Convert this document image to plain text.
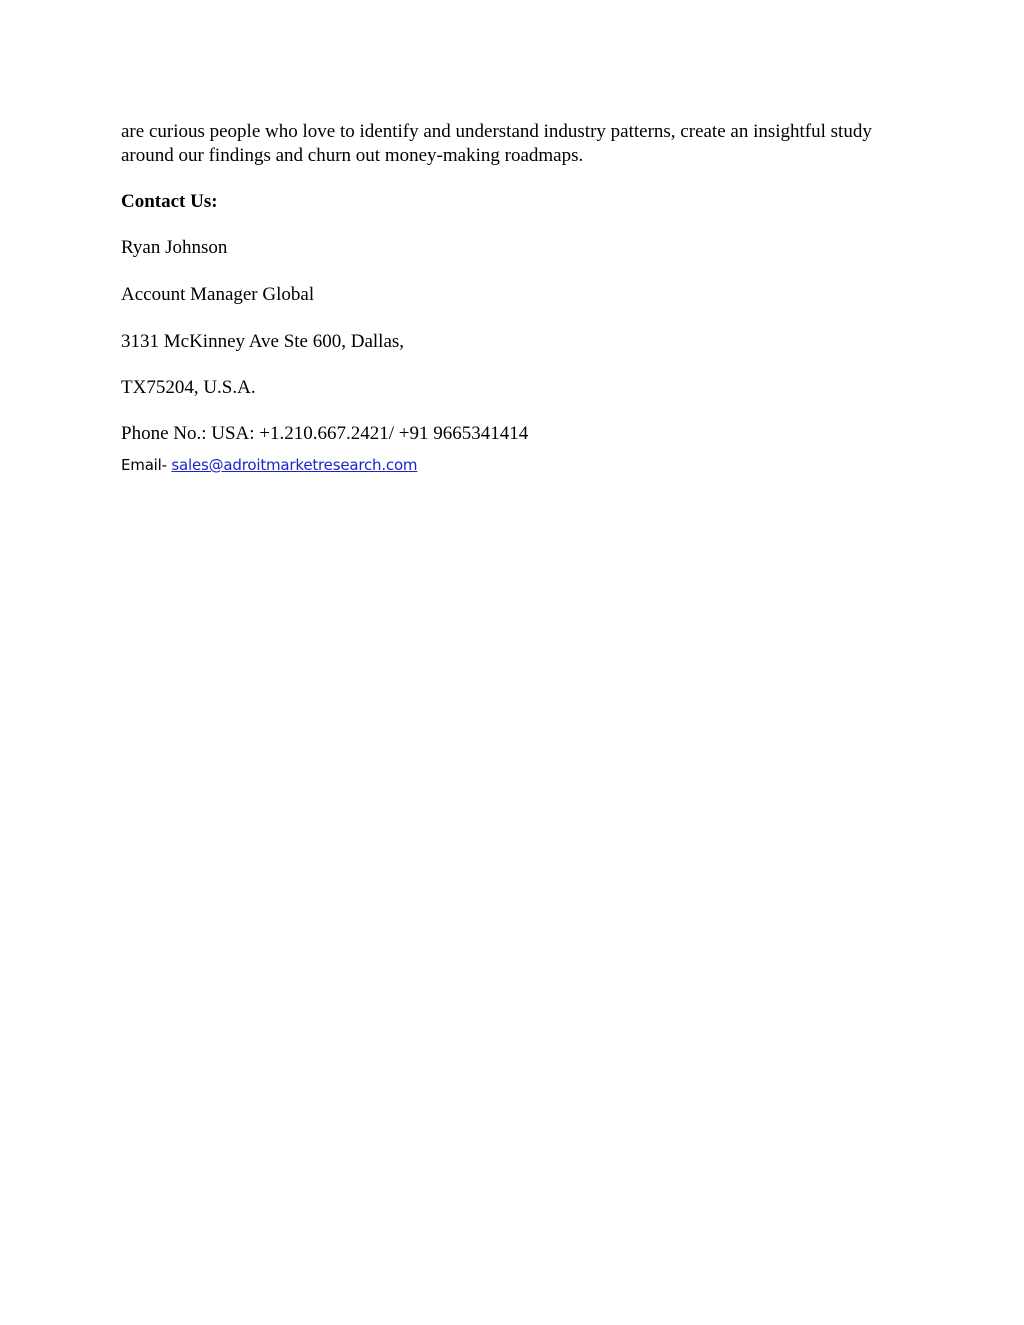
are curious people who love to identify and understand industry patterns, create an insightful study around our findings and churn out money-making roadmaps.

Contact Us:

Ryan Johnson

Account Manager Global

3131 McKinney Ave Ste 600, Dallas,

TX75204, U.S.A.

Phone No.: USA: +1.210.667.2421/ +91 9665341414

Email- sales@adroitmarketresearch.com
